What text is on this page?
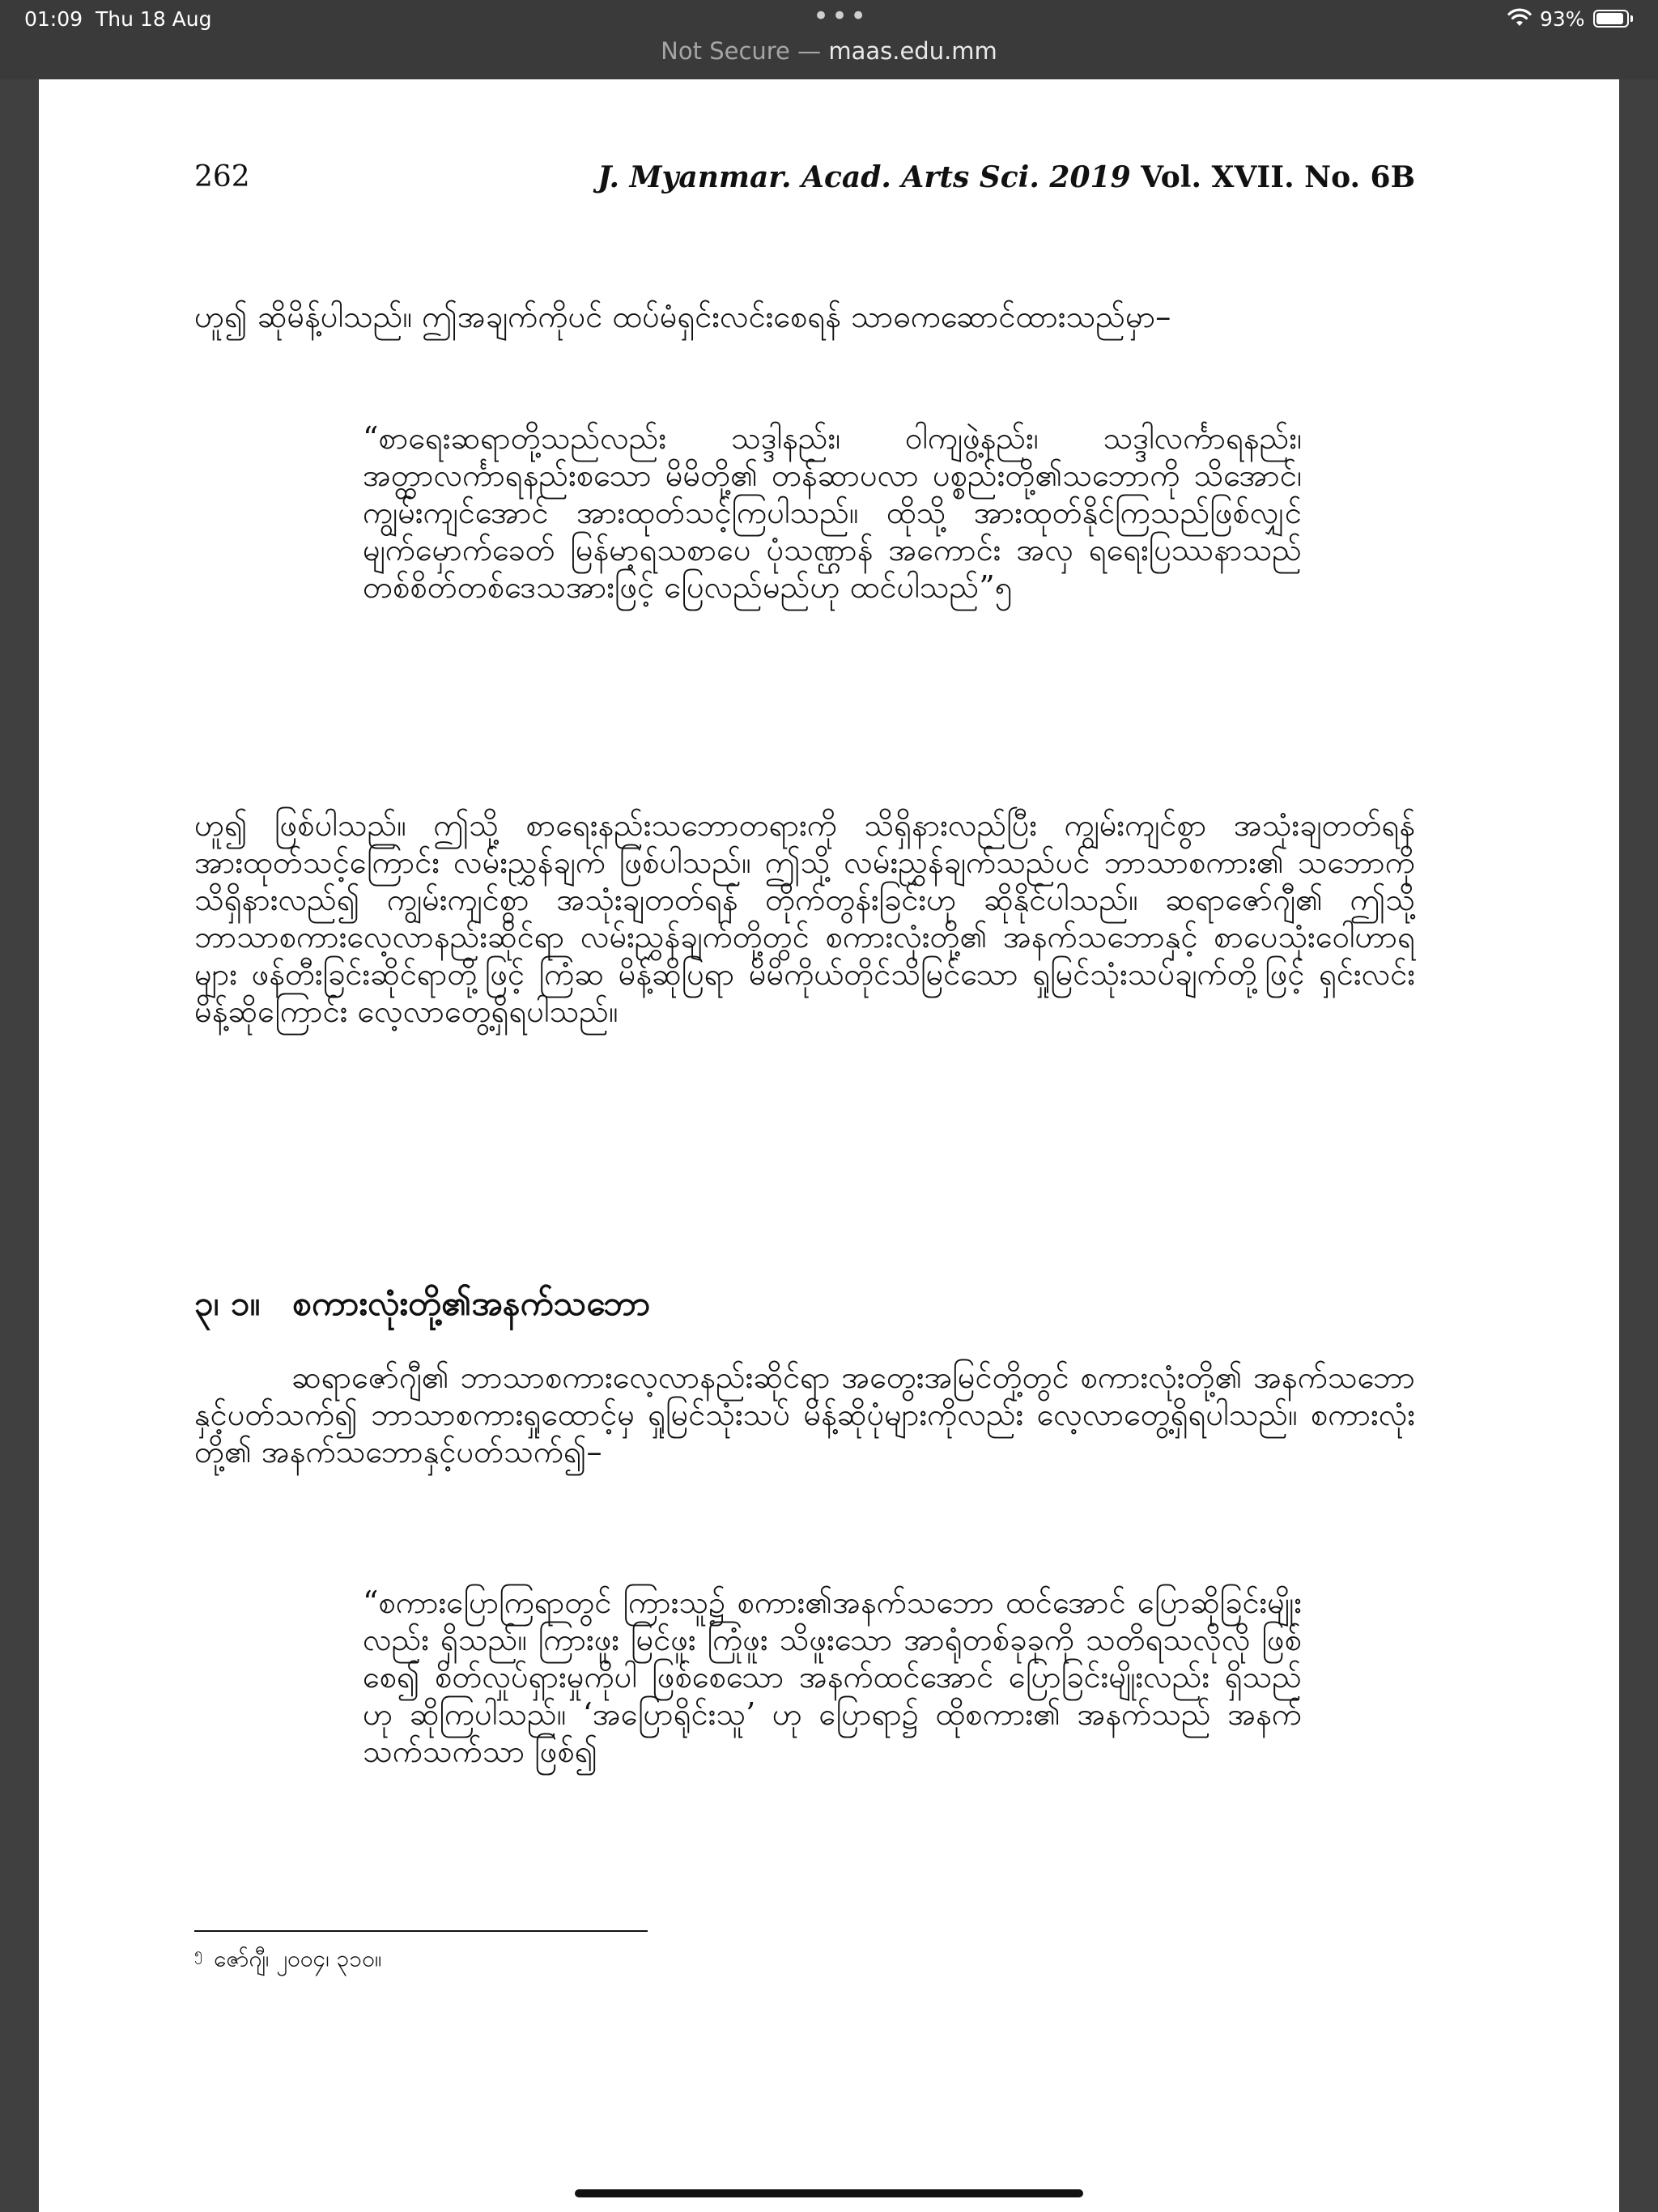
01:09 Thu 18 Aug	•••	93%
Not Secure — maas.edu.mm
262	J. Myanmar. Acad. Arts Sci. 2019 Vol. XVII. No. 6B

ဟူ၍ ဆိုမိန့်ပါသည်။ ဤအချက်ကိုပင် ထပ်မံရှင်းလင်းစေရန် သာဓကဆောင်ထားသည်မှာ–

“စာရေးဆရာတို့သည်လည်း သဒ္ဒါနည်း၊ ဝါကျဖွဲ့နည်း၊ သဒ္ဒါလင်္ကာရနည်း၊ အတ္ထာလင်္ကာရနည်းစသော မိမိတို့၏ တန်ဆာပလာ ပစ္စည်းတို့၏သဘောကို သိအောင်၊ ကျွမ်းကျင်အောင် အားထုတ်သင့်ကြပါသည်။ ထိုသို့ အားထုတ်နိုင်ကြသည်ဖြစ်လျှင် မျက်မှောက်ခေတ် မြန်မာ့ရသစာပေ ပုံသဏ္ဌာန် အကောင်း အလှ ရရေးပြဿနာသည် တစ်စိတ်တစ်ဒေသအားဖြင့် ပြေလည်မည်ဟု ထင်ပါသည်”၅

ဟူ၍ ဖြစ်ပါသည်။ ဤသို့ စာရေးနည်းသဘောတရားကို သိရှိနားလည်ပြီး ကျွမ်းကျင်စွာ အသုံးချတတ်ရန် အားထုတ်သင့်ကြောင်း လမ်းညွှန်ချက် ဖြစ်ပါသည်။ ဤသို့ လမ်းညွှန်ချက်သည်ပင် ဘာသာစကား၏ သဘောကို သိရှိနားလည်၍ ကျွမ်းကျင်စွာ အသုံးချတတ်ရန် တိုက်တွန်းခြင်းဟု ဆိုနိုင်ပါသည်။ ဆရာဇော်ဂျီ၏ ဤသို့ ဘာသာစကားလေ့လာနည်းဆိုင်ရာ လမ်းညွှန်ချက်တို့တွင် စကားလုံးတို့၏ အနက်သဘောနှင့် စာပေသုံးဝေါဟာရများ ဖန်တီးခြင်းဆိုင်ရာတို့ဖြင့် ကြံဆ မိန့်ဆိုပြရာ မိမိကိုယ်တိုင်သိမြင်သော ရှုမြင်သုံးသပ်ချက်တို့ဖြင့် ရှင်းလင်းမိန့်ဆိုကြောင်း လေ့လာတွေ့ရှိရပါသည်။

၃၊ ၁။ စကားလုံးတို့၏အနက်သဘော

ဆရာဇော်ဂျီ၏ ဘာသာစကားလေ့လာနည်းဆိုင်ရာ အတွေးအမြင်တို့တွင် စကားလုံးတို့၏ အနက်သဘောနှင့်ပတ်သက်၍ ဘာသာစကားရှုထောင့်မှ ရှုမြင်သုံးသပ် မိန့်ဆိုပုံများကိုလည်း လေ့လာတွေ့ရှိရပါသည်။ စကားလုံးတို့၏ အနက်သဘောနှင့်ပတ်သက်၍–

“စကားပြောကြရာတွင် ကြားသူ၌ စကား၏အနက်သဘော ထင်အောင် ပြောဆိုခြင်းမျိုးလည်း ရှိသည်။ ကြားဖူး မြင်ဖူး ကြုံဖူး သိဖူးသော အာရုံတစ်ခုခုကို သတိရသလိုလို ဖြစ်စေ၍ စိတ်လှုပ်ရှားမှုကိုပါ ဖြစ်စေသော အနက်ထင်အောင် ပြောခြင်းမျိုးလည်း ရှိသည်ဟု ဆိုကြပါသည်။ ‘အပြောရိုင်းသူ’ ဟု ပြောရာ၌ ထိုစကား၏ အနက်သည် အနက်သက်သက်သာ ဖြစ်၍

$^၅$ ဇော်ဂျီ၊ ၂၀၀၄၊ ၃၁၀။
